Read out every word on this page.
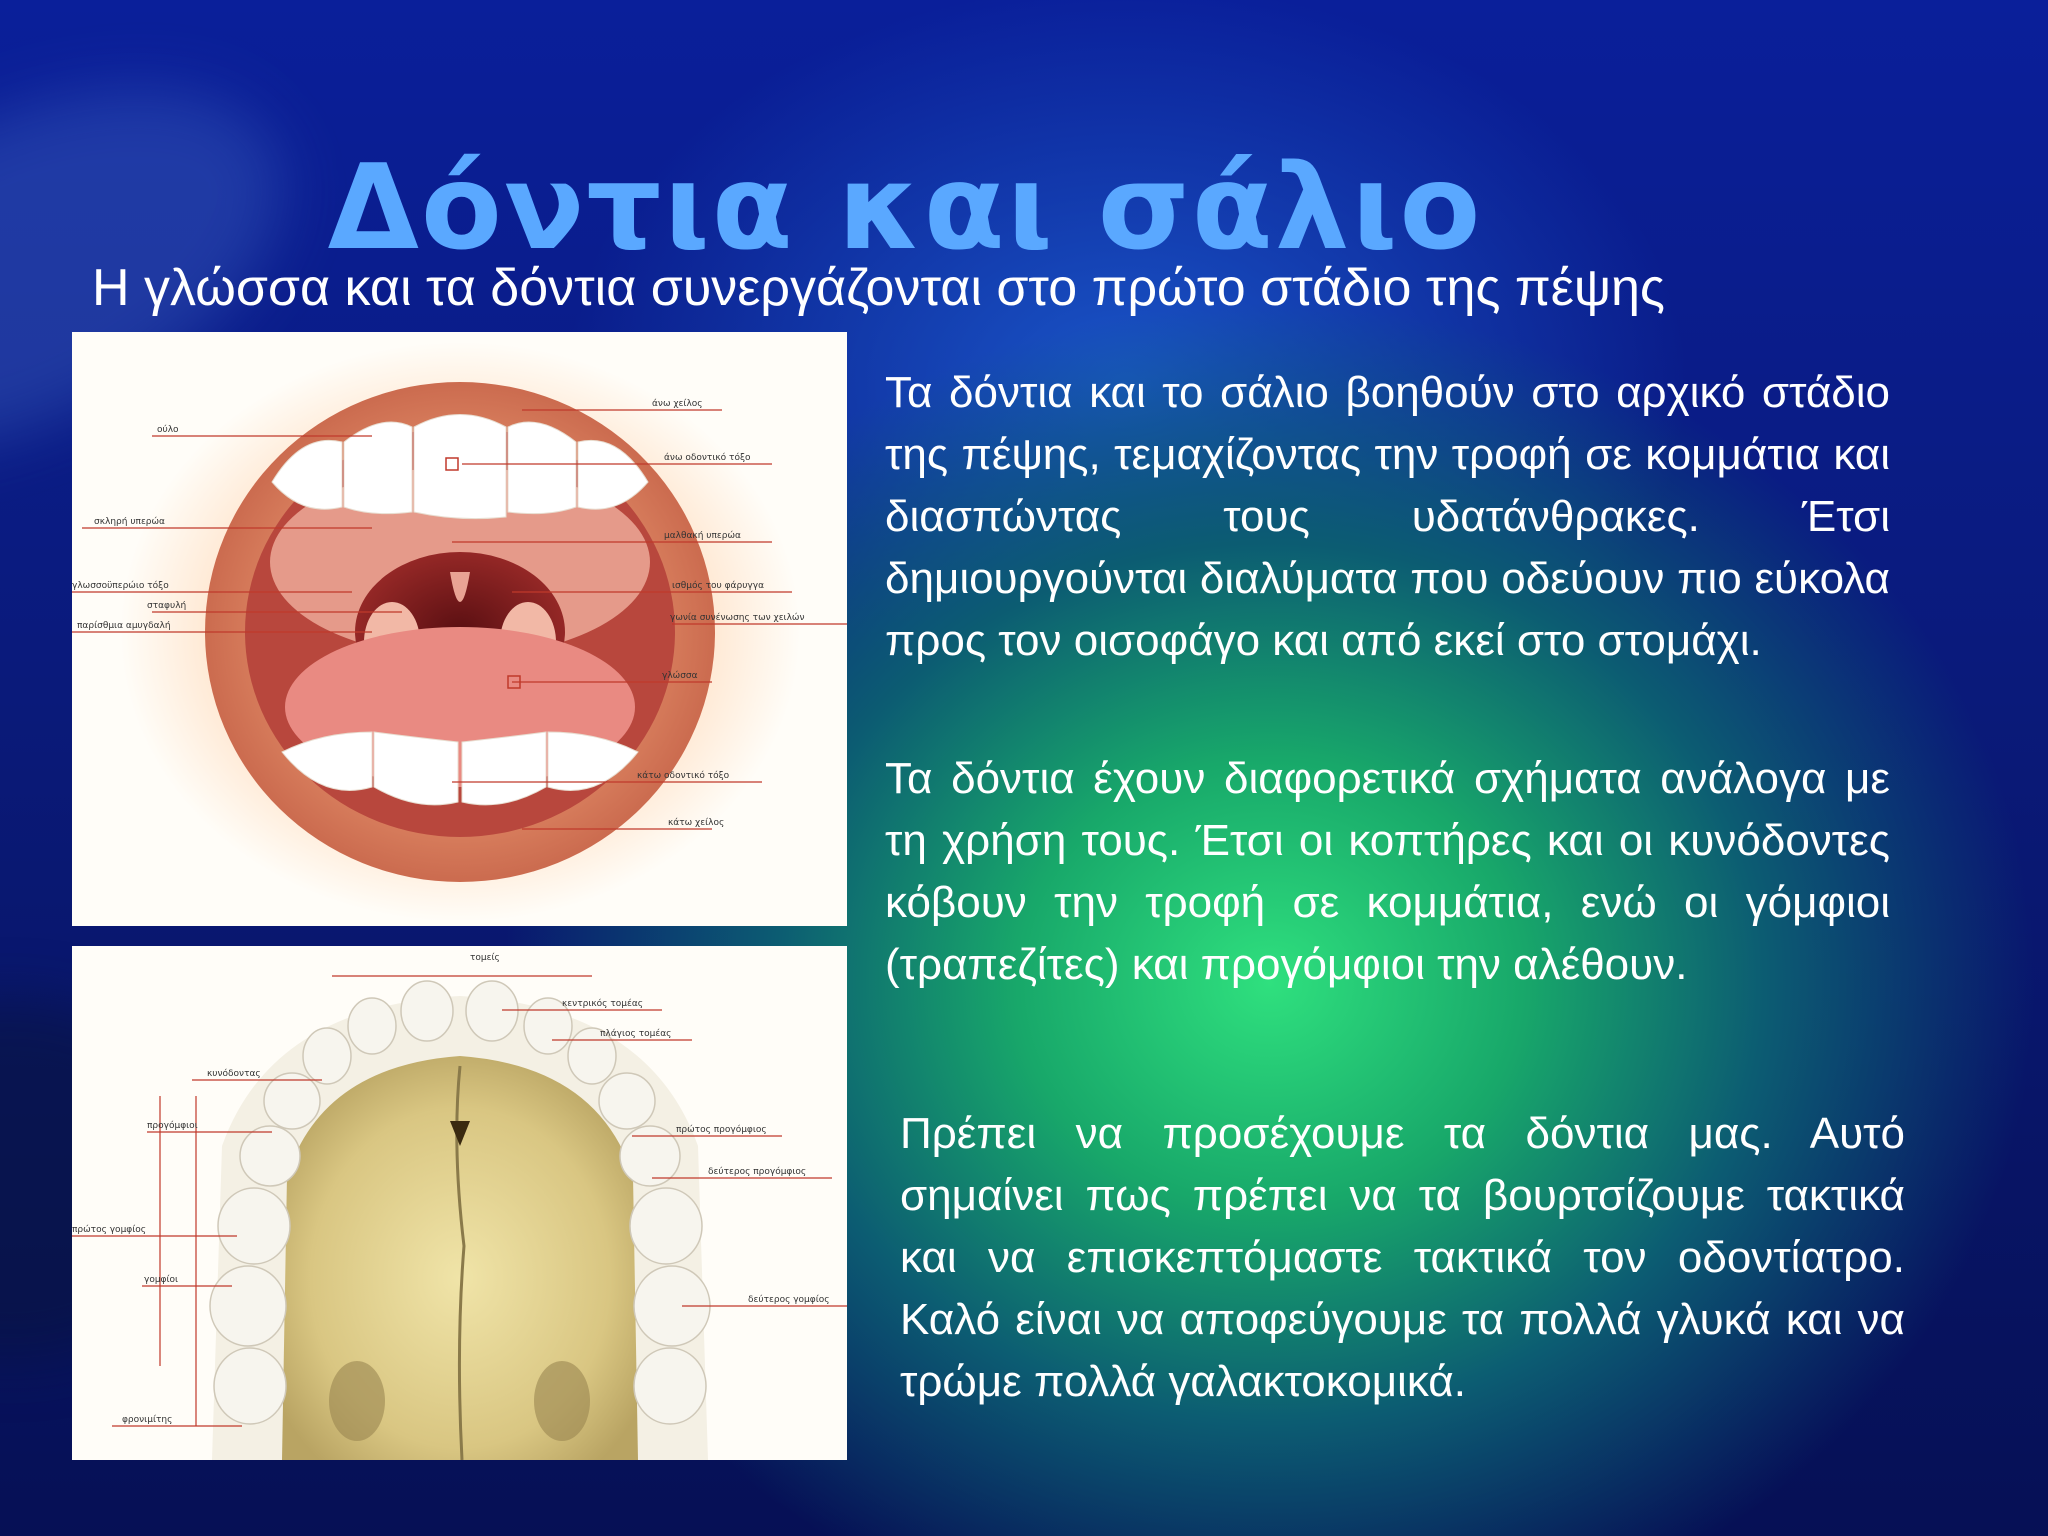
Δόντια και σάλιο

Η γλώσσα και τα δόντια συνεργάζονται στο πρώτο στάδιο της πέψης

ούλο
σκληρή υπερώα
γλωσσοϋπερώιο τόξο
σταφυλή
παρίσθμια αμυγδαλή
άνω χείλος
άνω οδοντικό τόξο
μαλθακή υπερώα
ισθμός του φάρυγγα
γωνία συνένωσης των χειλών
γλώσσα
κάτω οδοντικό τόξο
κάτω χείλος
τομείς
κυνόδοντας
προγόμφιοι
πρώτος γομφίος
γομφίοι
φρονιμίτης
κεντρικός τομέας
πλάγιος τομέας
πρώτος προγόμφιος
δεύτερος προγόμφιος
δεύτερος γομφίος

Τα δόντια και το σάλιο βοηθούν στο αρχικό στάδιο της πέψης, τεμαχίζοντας την τροφή σε κομμάτια και διασπώντας τους υδατάνθρακες. Έτσι δημιουργούνται διαλύματα που οδεύουν πιο εύκολα προς τον οισοφάγο και από εκεί στο στομάχι.

Τα δόντια έχουν διαφορετικά σχήματα ανάλογα με τη χρήση τους. Έτσι οι κοπτήρες και οι κυνόδοντες κόβουν την τροφή σε κομμάτια, ενώ οι γόμφιοι (τραπεζίτες) και προγόμφιοι την αλέθουν.

Πρέπει να προσέχουμε τα δόντια μας. Αυτό σημαίνει πως πρέπει να τα βουρτσίζουμε τακτικά και να επισκεπτόμαστε τακτικά τον οδοντίατρο. Καλό είναι να αποφεύγουμε τα πολλά γλυκά και να τρώμε πολλά γαλακτοκομικά.
